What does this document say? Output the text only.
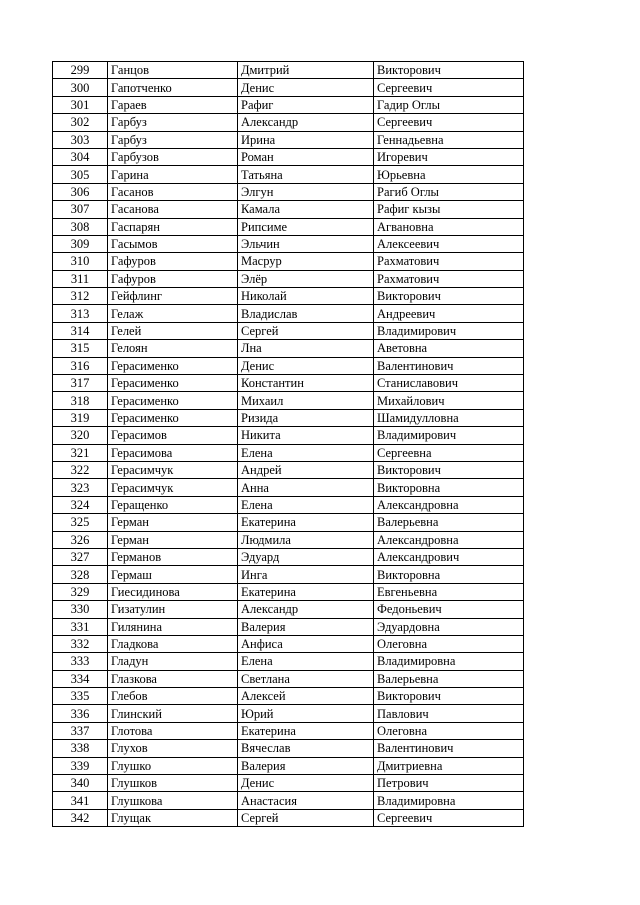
299	Ганцов	Дмитрий	Викторович
300	Гапотченко	Денис	Сергеевич
301	Гараев	Рафиг	Гадир Оглы
302	Гарбуз	Александр	Сергеевич
303	Гарбуз	Ирина	Геннадьевна
304	Гарбузов	Роман	Игоревич
305	Гарина	Татьяна	Юрьевна
306	Гасанов	Элгун	Рагиб Оглы
307	Гасанова	Камала	Рафиг кызы
308	Гаспарян	Рипсиме	Агвановна
309	Гасымов	Эльчин	Алексеевич
310	Гафуров	Масрур	Рахматович
311	Гафуров	Элёр	Рахматович
312	Гейфлинг	Николай	Викторович
313	Гелаж	Владислав	Андреевич
314	Гелей	Сергей	Владимирович
315	Гелоян	Лна	Аветовна
316	Герасименко	Денис	Валентинович
317	Герасименко	Константин	Станиславович
318	Герасименко	Михаил	Михайлович
319	Герасименко	Ризида	Шамидулловна
320	Герасимов	Никита	Владимирович
321	Герасимова	Елена	Сергеевна
322	Герасимчук	Андрей	Викторович
323	Герасимчук	Анна	Викторовна
324	Геращенко	Елена	Александровна
325	Герман	Екатерина	Валерьевна
326	Герман	Людмила	Александровна
327	Германов	Эдуард	Александрович
328	Гермаш	Инга	Викторовна
329	Гиесидинова	Екатерина	Евгеньевна
330	Гизатулин	Александр	Федоньевич
331	Гилянина	Валерия	Эдуардовна
332	Гладкова	Анфиса	Олеговна
333	Гладун	Елена	Владимировна
334	Глазкова	Светлана	Валерьевна
335	Глебов	Алексей	Викторович
336	Глинский	Юрий	Павлович
337	Глотова	Екатерина	Олеговна
338	Глухов	Вячеслав	Валентинович
339	Глушко	Валерия	Дмитриевна
340	Глушков	Денис	Петрович
341	Глушкова	Анастасия	Владимировна
342	Глущак	Сергей	Сергеевич
